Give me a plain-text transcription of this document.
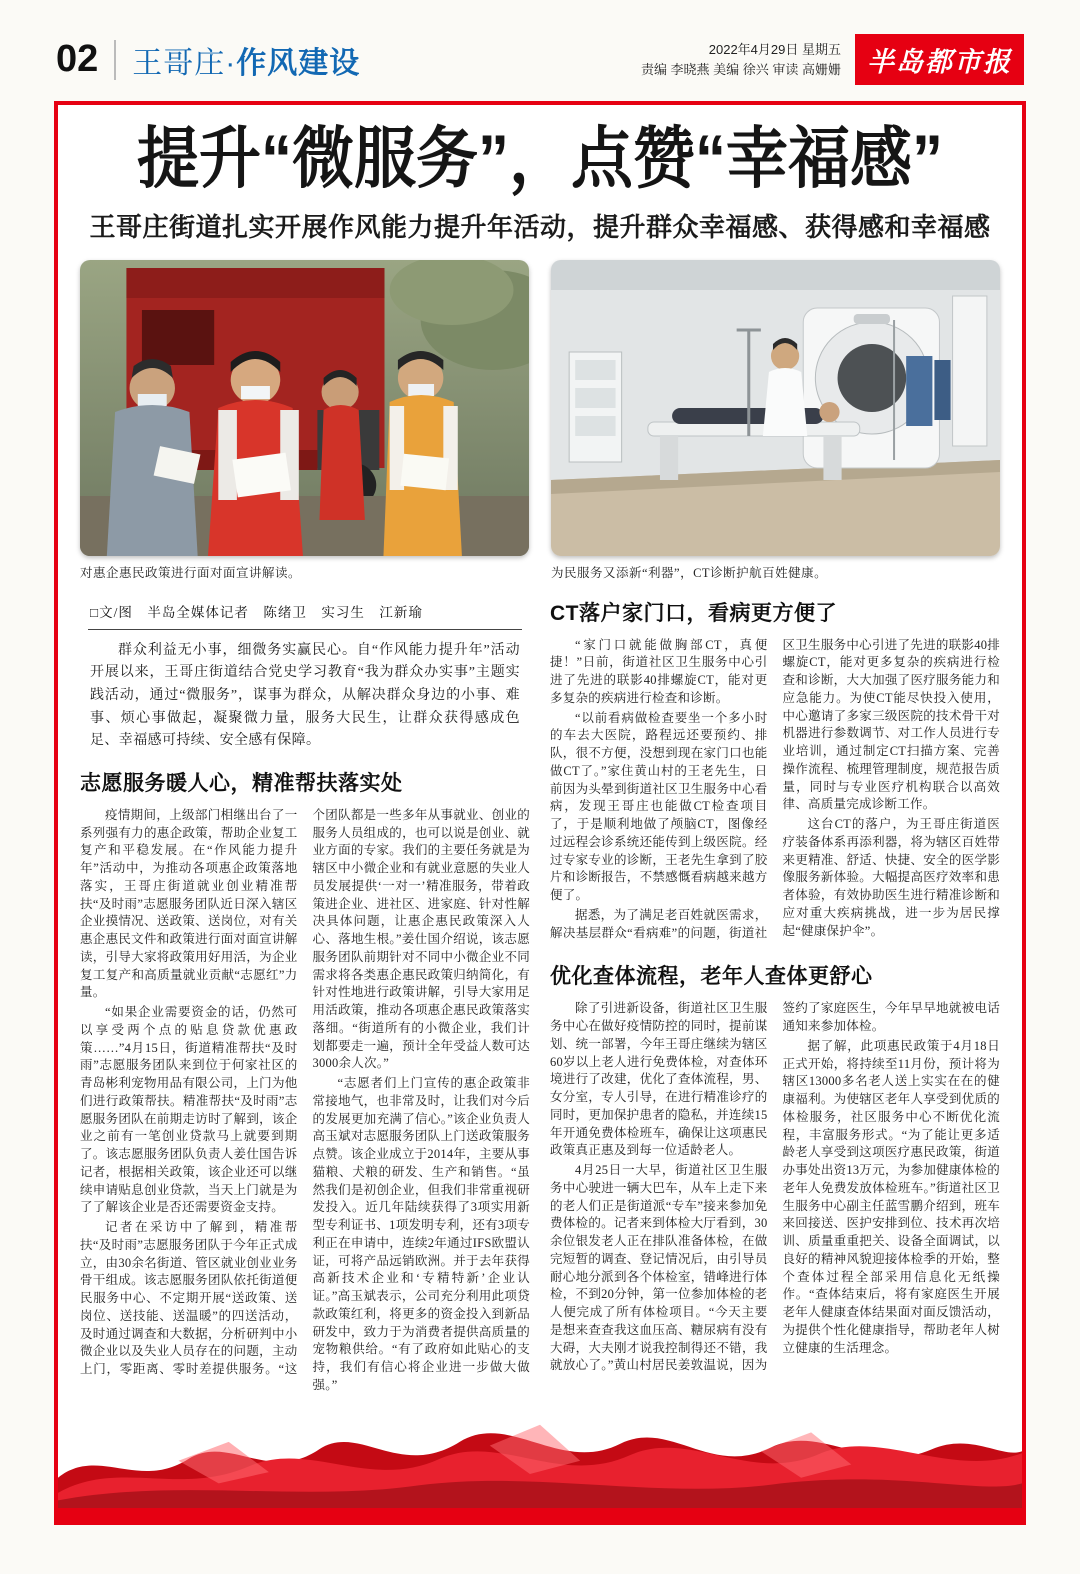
02 王哥庄·作风建设	2022年4月29日 星期五
责编 李晓燕 美编 徐兴 审读 高姗姗 半岛都市报
提升“微服务”，点赞“幸福感”
王哥庄街道扎实开展作风能力提升年活动，提升群众幸福感、获得感和幸福感
对惠企惠民政策进行面对面宣讲解读。	为民服务又添新“利器”，CT诊断护航百姓健康。
□文/图　半岛全媒体记者　陈绪卫　实习生　江新瑜

群众利益无小事，细微务实赢民心。自“作风能力提升年”活动开展以来，王哥庄街道结合党史学习教育“我为群众办实事”主题实践活动，通过“微服务”，谋事为群众，从解决群众身边的小事、难事、烦心事做起，凝聚微力量，服务大民生，让群众获得感成色足、幸福感可持续、安全感有保障。

志愿服务暖人心，精准帮扶落实处

疫情期间，上级部门相继出台了一系列强有力的惠企政策，帮助企业复工复产和平稳发展。在“作风能力提升年”活动中，为推动各项惠企政策落地落实，王哥庄街道就业创业精准帮扶“及时雨”志愿服务团队近日深入辖区企业摸情况、送政策、送岗位，对有关惠企惠民文件和政策进行面对面宣讲解读，引导大家将政策用好用活，为企业复工复产和高质量就业贡献“志愿红”力量。

“如果企业需要资金的话，仍然可以享受两个点的贴息贷款优惠政策……”4月15日，街道精准帮扶“及时雨”志愿服务团队来到位于何家社区的青岛彬利宠物用品有限公司，上门为他们进行政策帮扶。精准帮扶“及时雨”志愿服务团队在前期走访时了解到，该企业之前有一笔创业贷款马上就要到期了。该志愿服务团队负责人姜仕国告诉记者，根据相关政策，该企业还可以继续申请贴息创业贷款，当天上门就是为了了解该企业是否还需要资金支持。

记者在采访中了解到，精准帮扶“及时雨”志愿服务团队于今年正式成立，由30余名街道、管区就业创业业务骨干组成。该志愿服务团队依托街道便民服务中心、不定期开展“送政策、送岗位、送技能、送温暖”的四送活动，及时通过调查和大数据，分析研判中小微企业以及失业人员存在的问题，主动上门，零距离、零时差提供服务。“这个团队都是一些多年从事就业、创业的服务人员组成的，也可以说是创业、就业方面的专家。我们的主要任务就是为辖区中小微企业和有就业意愿的失业人员发展提供‘一对一’精准服务，带着政策进企业、进社区、进家庭、针对性解决具体问题，让惠企惠民政策深入人心、落地生根。”姜仕国介绍说，该志愿服务团队前期针对不同中小微企业不同需求将各类惠企惠民政策归纳简化，有针对性地进行政策讲解，引导大家用足用活政策，推动各项惠企惠民政策落实落细。“街道所有的小微企业，我们计划都要走一遍，预计全年受益人数可达3000余人次。”

“志愿者们上门宣传的惠企政策非常接地气，也非常及时，让我们对今后的发展更加充满了信心。”该企业负责人高玉斌对志愿服务团队上门送政策服务点赞。该企业成立于2014年，主要从事猫粮、犬粮的研发、生产和销售。“虽然我们是初创企业，但我们非常重视研发投入。近几年陆续获得了3项实用新型专利证书、1项发明专利，还有3项专利正在申请中，连续2年通过IFS欧盟认证，可将产品远销欧洲。并于去年获得高新技术企业和‘专精特新’企业认证。”高玉斌表示，公司充分利用此项贷款政策红利，将更多的资金投入到新品研发中，致力于为消费者提供高质量的宠物粮供给。“有了政府如此贴心的支持，我们有信心将企业进一步做大做强。”

CT落户家门口，看病更方便了

“家门口就能做胸部CT，真便捷！”日前，街道社区卫生服务中心引进了先进的联影40排螺旋CT，能对更多复杂的疾病进行检查和诊断。

“以前看病做检查要坐一个多小时的车去大医院，路程远还要预约、排队，很不方便，没想到现在家门口也能做CT了。”家住黄山村的王老先生，日前因为头晕到街道社区卫生服务中心看病，发现王哥庄也能做CT检查项目了，于是顺利地做了颅脑CT，图像经过远程会诊系统还能传到上级医院。经过专家专业的诊断，王老先生拿到了胶片和诊断报告，不禁感慨看病越来越方便了。

据悉，为了满足老百姓就医需求，解决基层群众“看病难”的问题，街道社区卫生服务中心引进了先进的联影40排螺旋CT，能对更多复杂的疾病进行检查和诊断，大大加强了医疗服务能力和应急能力。为使CT能尽快投入使用，中心邀请了多家三级医院的技术骨干对机器进行参数调节、对工作人员进行专业培训，通过制定CT扫描方案、完善操作流程、梳理管理制度，规范报告质量，同时与专业医疗机构联合以高效律、高质量完成诊断工作。

这台CT的落户，为王哥庄街道医疗装备体系再添利器，将为辖区百姓带来更精准、舒适、快捷、安全的医学影像服务新体验。大幅提高医疗效率和患者体验，有效协助医生进行精准诊断和应对重大疾病挑战，进一步为居民撑起“健康保护伞”。

优化查体流程，老年人查体更舒心

除了引进新设备，街道社区卫生服务中心在做好疫情防控的同时，提前谋划、统一部署，今年王哥庄继续为辖区60岁以上老人进行免费体检，对查体环境进行了改建，优化了查体流程，男、女分室，专人引导，在进行精准诊疗的同时，更加保护患者的隐私，并连续15年开通免费体检班车，确保让这项惠民政策真正惠及到每一位适龄老人。

4月25日一大早，街道社区卫生服务中心驶进一辆大巴车，从车上走下来的老人们正是街道派“专车”接来参加免费体检的。记者来到体检大厅看到，30余位银发老人正在排队准备体检，在做完短暂的调查、登记情况后，由引导员耐心地分派到各个体检室，错峰进行体检，不到20分钟，第一位参加体检的老人便完成了所有体检项目。“今天主要是想来查查我这血压高、糖尿病有没有大碍，大夫刚才说我控制得还不错，我就放心了。”黄山村居民姜敦温说，因为签约了家庭医生，今年早早地就被电话通知来参加体检。

据了解，此项惠民政策于4月18日正式开始，将持续至11月份，预计将为辖区13000多名老人送上实实在在的健康福利。为使辖区老年人享受到优质的体检服务，社区服务中心不断优化流程，丰富服务形式。“为了能让更多适龄老人享受到这项医疗惠民政策，街道办事处出资13万元，为参加健康体检的老年人免费发放体检班车。”街道社区卫生服务中心副主任蓝雪鹏介绍到，班车来回接送、医护安排到位、技术再次培训、质量重重把关、设备全面调试，以良好的精神风貌迎接体检季的开始，整个查体过程全部采用信息化无纸操作。“查体结束后，将有家庭医生开展老年人健康查体结果面对面反馈活动，为提供个性化健康指导，帮助老年人树立健康的生活理念。
